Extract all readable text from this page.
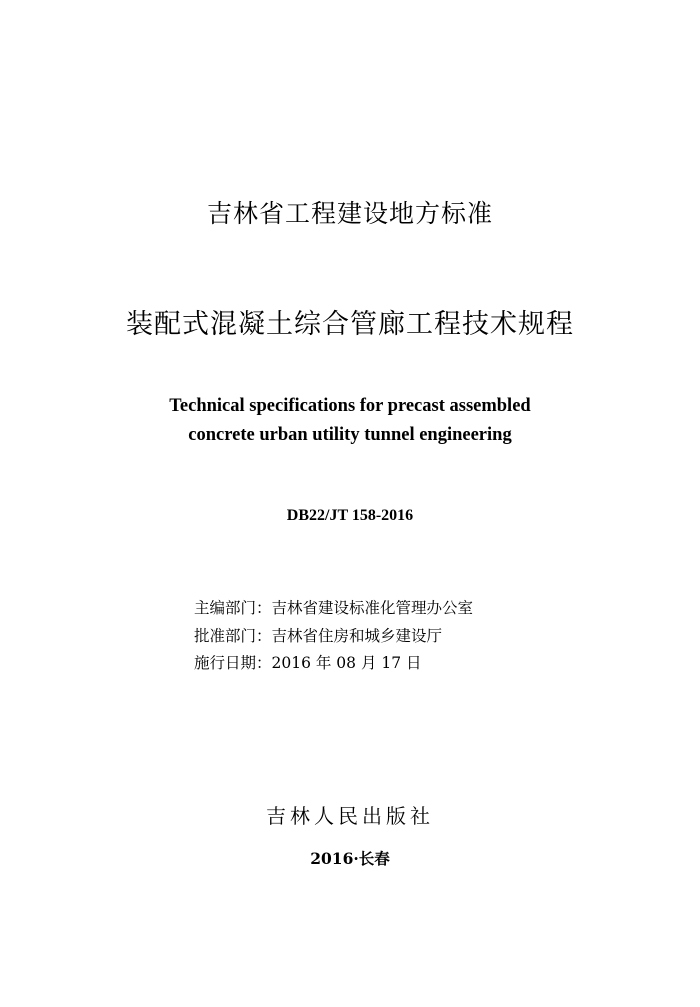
吉林省工程建设地方标准
装配式混凝土综合管廊工程技术规程
Technical specifications for precast assembled
concrete urban utility tunnel engineering
DB22/JT 158-2016
主编部门：吉林省建设标准化管理办公室
批准部门：吉林省住房和城乡建设厅
施行日期：2016 年 08 月 17 日
吉林人民出版社
2016·长春
